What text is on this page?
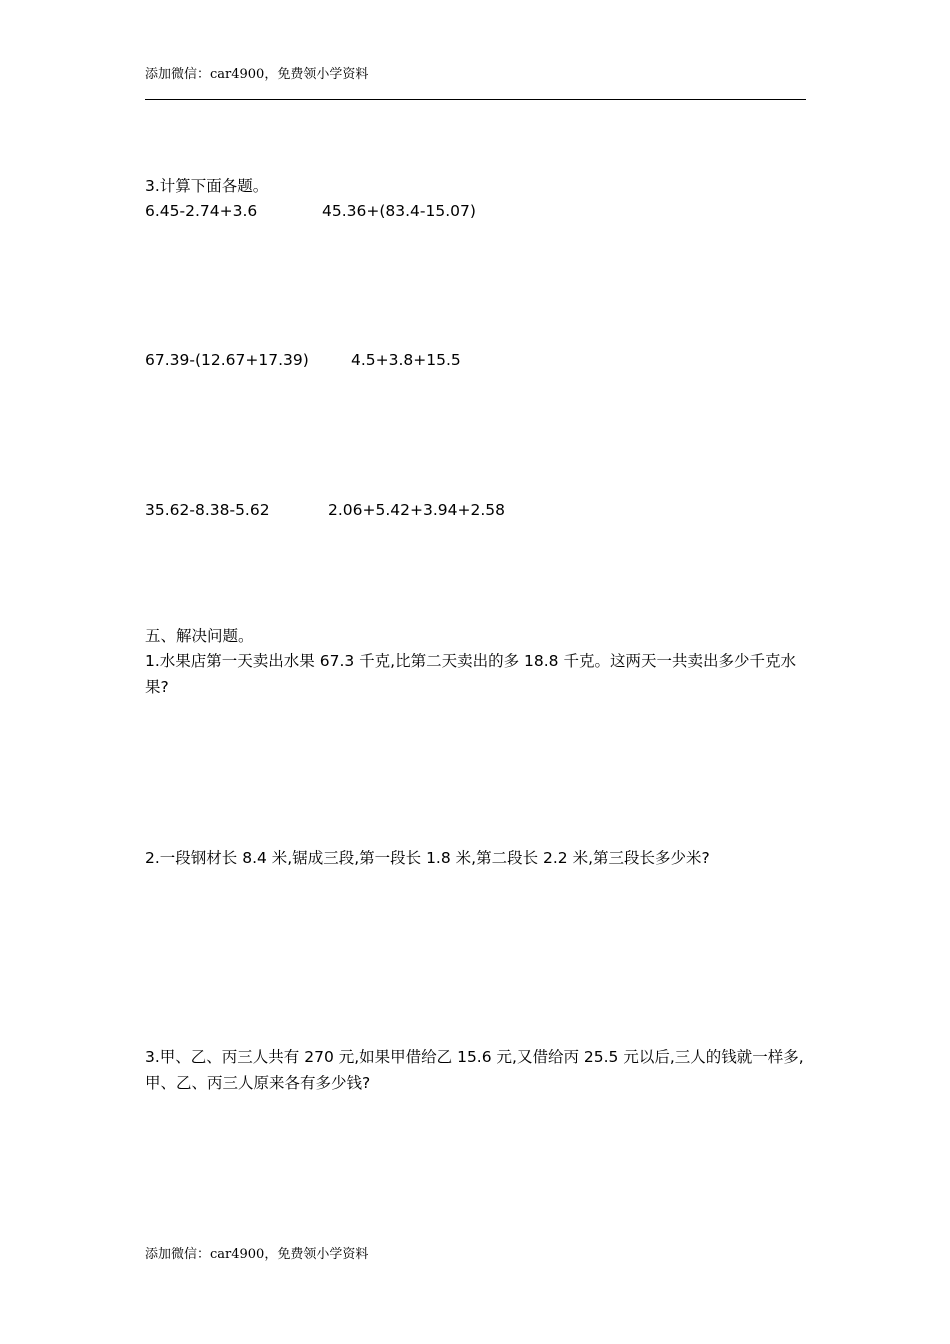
添加微信：car4900，免费领小学资料
3.计算下面各题。
6.45-2.74+3.6	45.36+(83.4-15.07)
67.39-(12.67+17.39)	4.5+3.8+15.5
35.62-8.38-5.62	2.06+5.42+3.94+2.58
五、解决问题。
1.水果店第一天卖出水果 67.3 千克,比第二天卖出的多 18.8 千克。这两天一共卖出多少千克水果?
2.一段钢材长 8.4 米,锯成三段,第一段长 1.8 米,第二段长 2.2 米,第三段长多少米?
3.甲、乙、丙三人共有 270 元,如果甲借给乙 15.6 元,又借给丙 25.5 元以后,三人的钱就一样多,甲、乙、丙三人原来各有多少钱?
添加微信：car4900，免费领小学资料
